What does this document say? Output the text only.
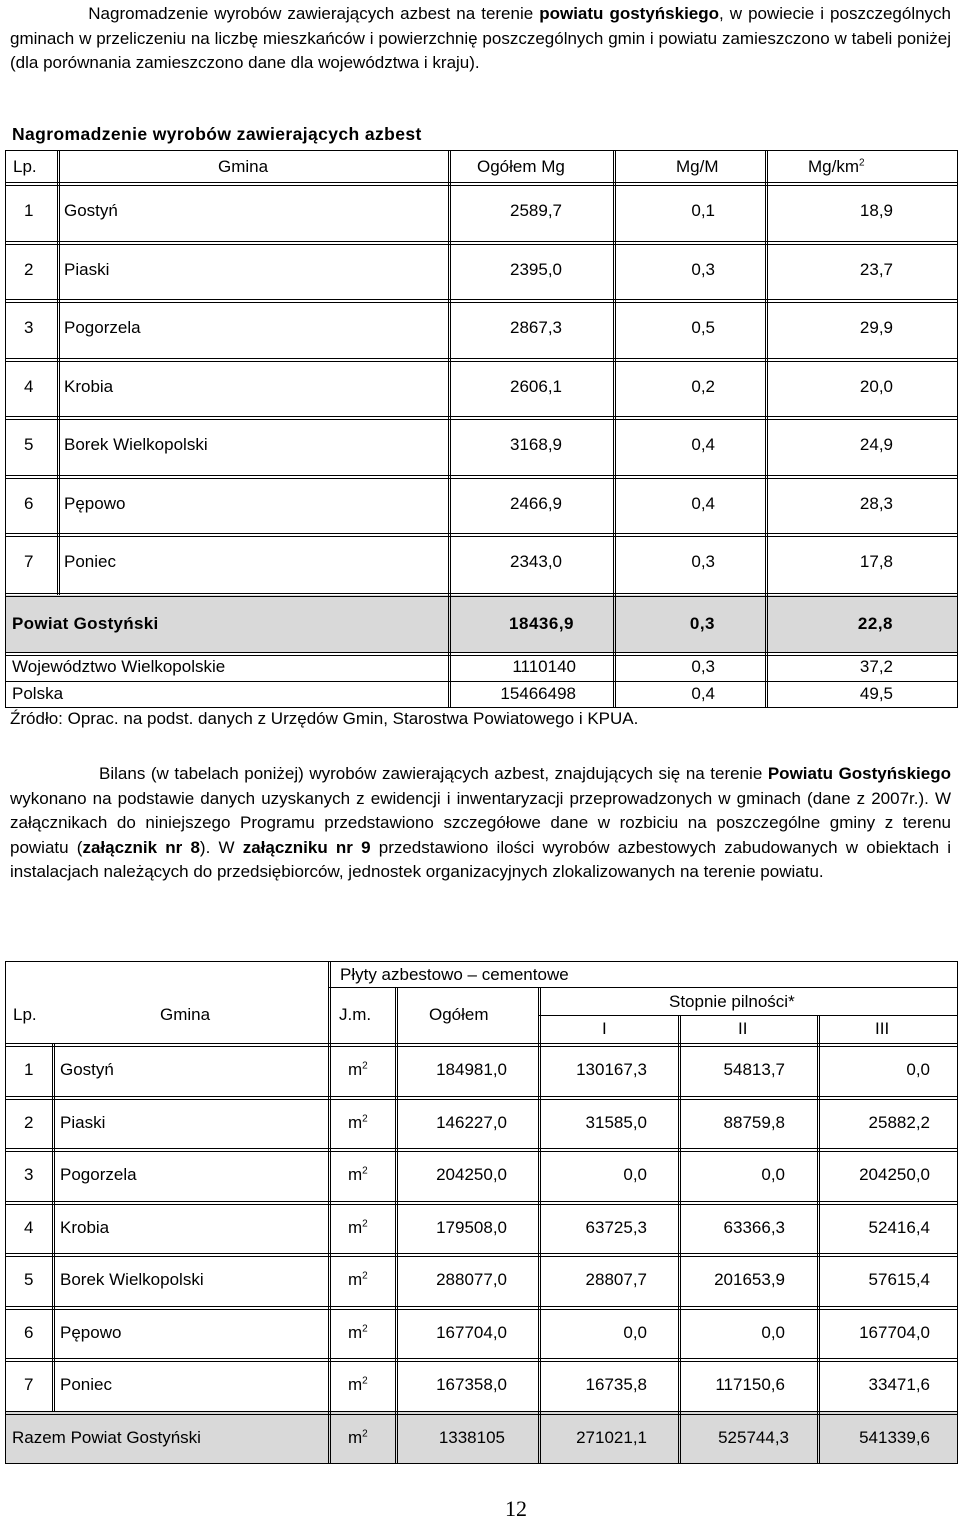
Nagromadzenie wyrobów zawierających azbest na terenie powiatu gostyńskiego, w powiecie i poszczególnych gminach w przeliczeniu na liczbę mieszkańców i powierzchnię poszczególnych gmin i powiatu zamieszczono w tabeli poniżej (dla porównania zamieszczono dane dla województwa i kraju).
Nagromadzenie wyrobów zawierających azbest
Lp.	Gmina	Ogółem Mg	Mg/M	$Mg/km^2$
1 Gostyń	2589,7	0,1	18,9
2 Piaski	2395,0	0,3	23,7
3 Pogorzela	2867,3	0,5	29,9
4 Krobia	2606,1	0,2	20,0
5 Borek Wielkopolski	3168,9	0,4	24,9
6 Pępowo	2466,9	0,4	28,3
7 Poniec	2343,0	0,3	17,8
Powiat Gostyński	18436,9	0,3	22,8
Województwo Wielkopolskie	1110140	0,3	37,2
Polska	15466498	0,4	49,5
Źródło: Oprac. na podst. danych z Urzędów Gmin, Starostwa Powiatowego i KPUA.
Bilans (w tabelach poniżej) wyrobów zawierających azbest, znajdujących się na terenie Powiatu Gostyńskiego wykonano na podstawie danych uzyskanych z ewidencji i inwentaryzacji przeprowadzonych w gminach (dane z 2007r.). W załącznikach do niniejszego Programu przedstawiono szczegółowe dane w rozbiciu na poszczególne gminy z terenu powiatu (załącznik nr 8). W załączniku nr 9 przedstawiono ilości wyrobów azbestowych zabudowanych w obiektach i instalacjach należących do przedsiębiorców, jednostek organizacyjnych zlokalizowanych na terenie powiatu.
Płyty azbestowo – cementowe
Lp.	Gmina	J.m.	Ogółem
Stopnie pilności*
I	II	III
1 Gostyń	$m^2$	184981,0	130167,3	54813,7	0,0
2 Piaski	$m^2$	146227,0	31585,0	88759,8	25882,2
3 Pogorzela	$m^2$	204250,0	0,0	0,0	204250,0
4 Krobia	$m^2$	179508,0	63725,3	63366,3	52416,4
5 Borek Wielkopolski	$m^2$	288077,0	28807,7	201653,9	57615,4
6 Pępowo	$m^2$	167704,0	0,0	0,0	167704,0
7 Poniec	$m^2$	167358,0	16735,8	117150,6	33471,6
Razem Powiat Gostyński	$m^2$	1338105	271021,1	525744,3	541339,6
12
